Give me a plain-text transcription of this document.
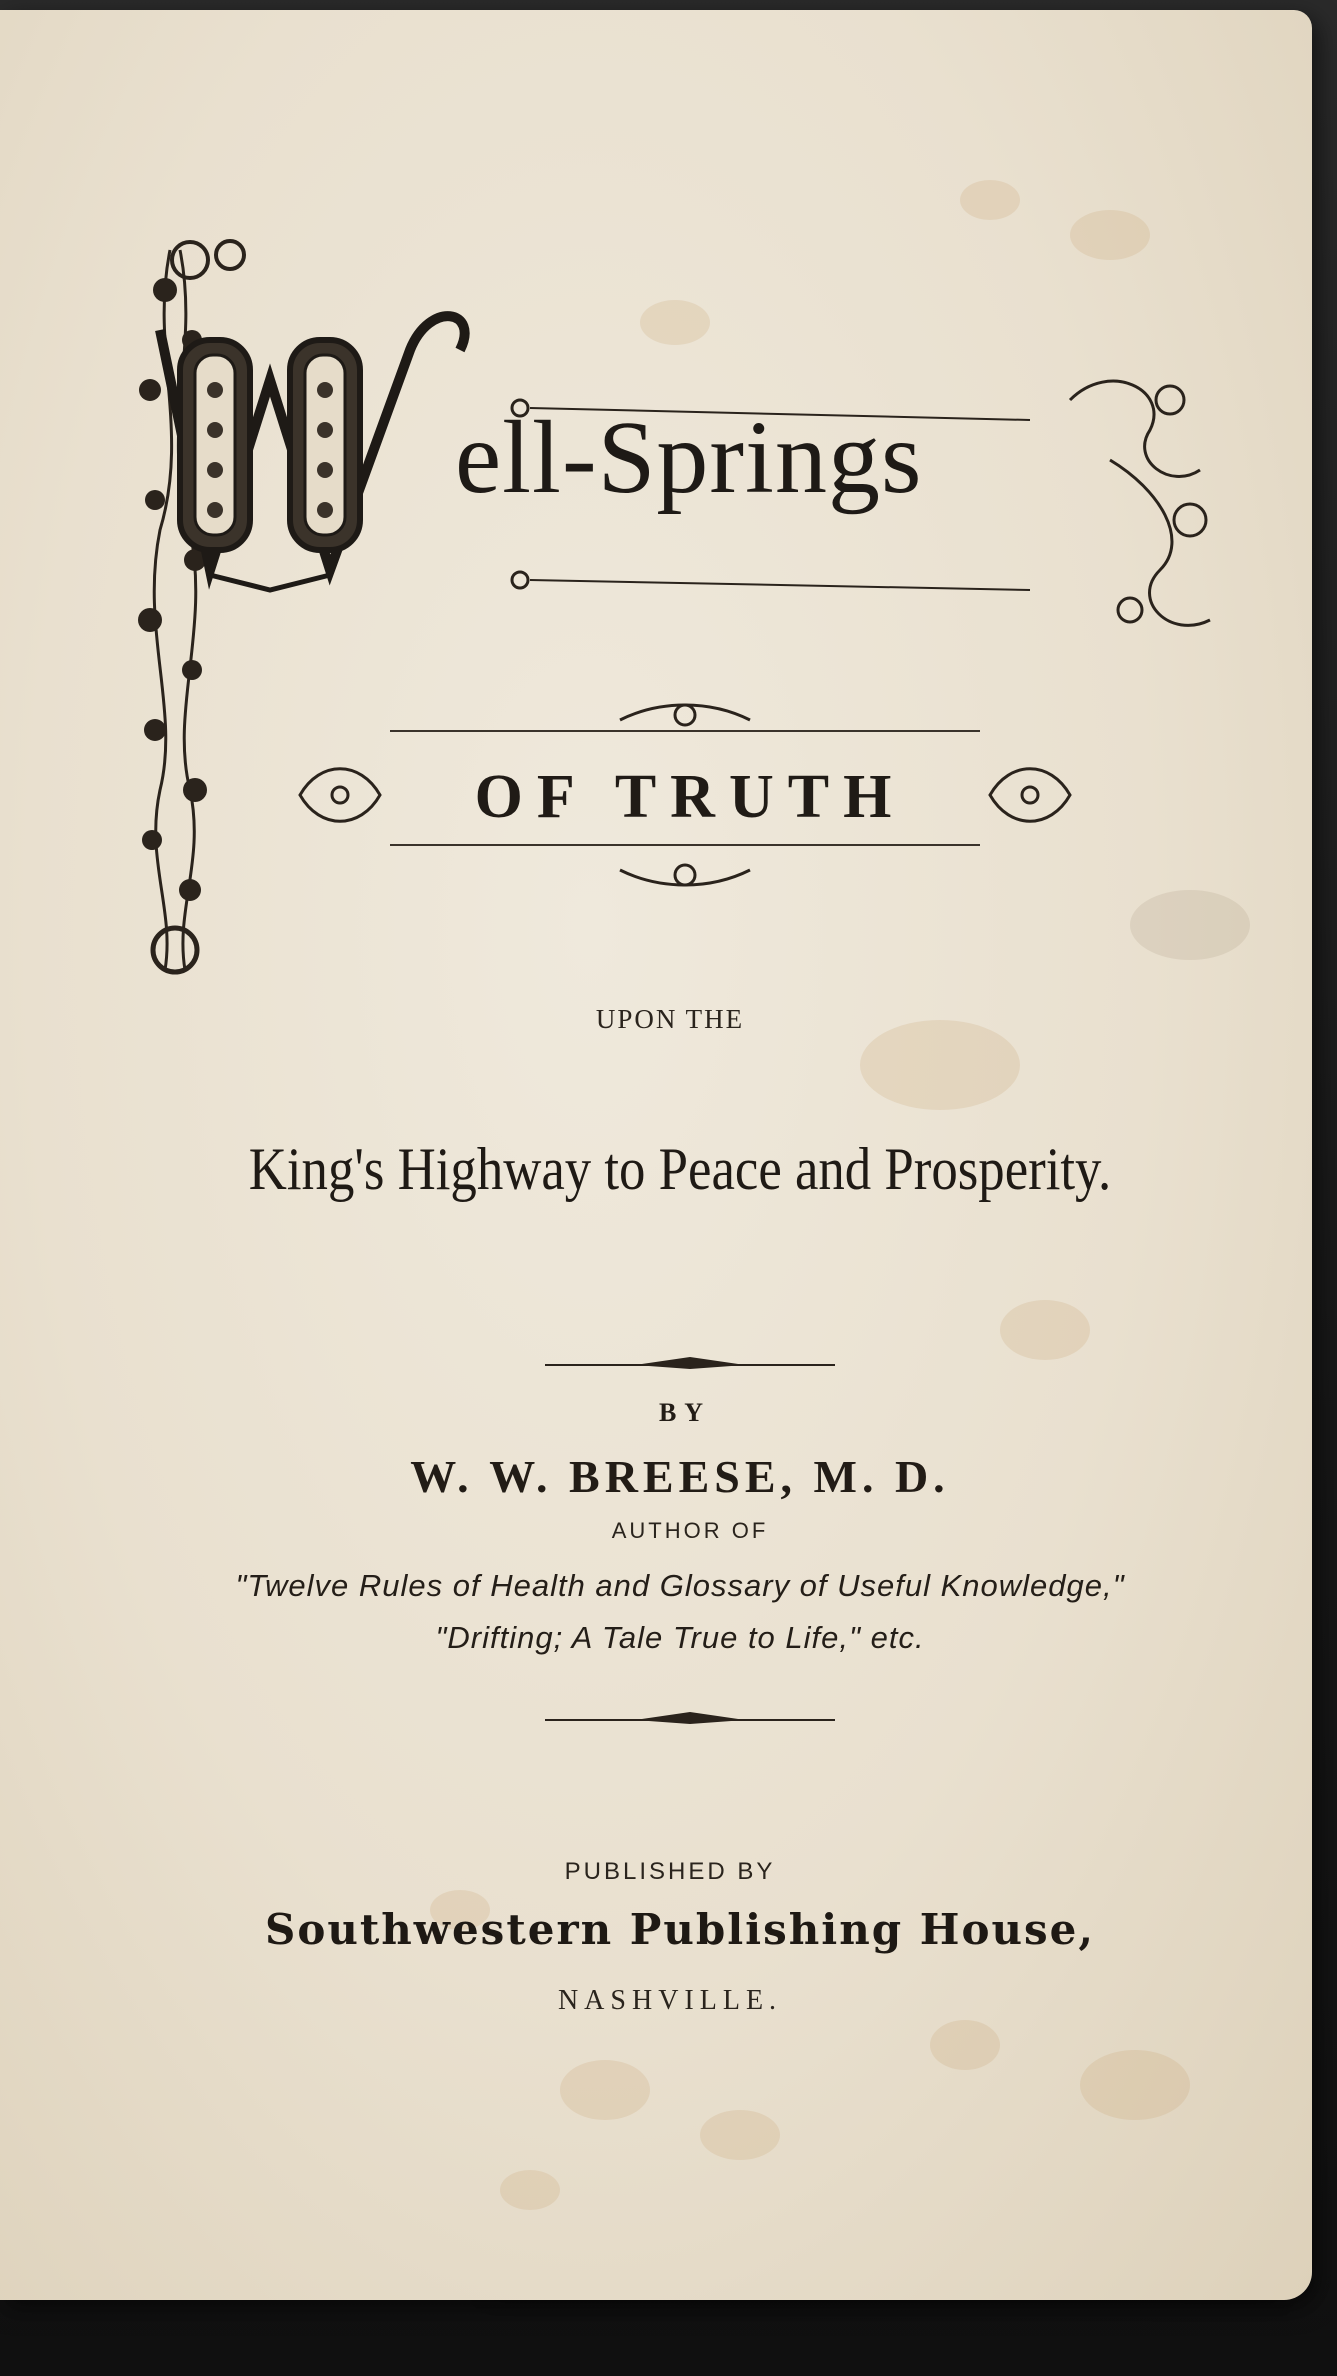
ell-Springs
OF TRUTH
UPON THE
King's Highway to Peace and Prosperity.
BY
W. W. BREESE, M. D.
AUTHOR OF
"Twelve Rules of Health and Glossary of Useful Knowledge,"
"Drifting; A Tale True to Life," etc.
PUBLISHED BY
Southwestern Publishing House,
NASHVILLE.
